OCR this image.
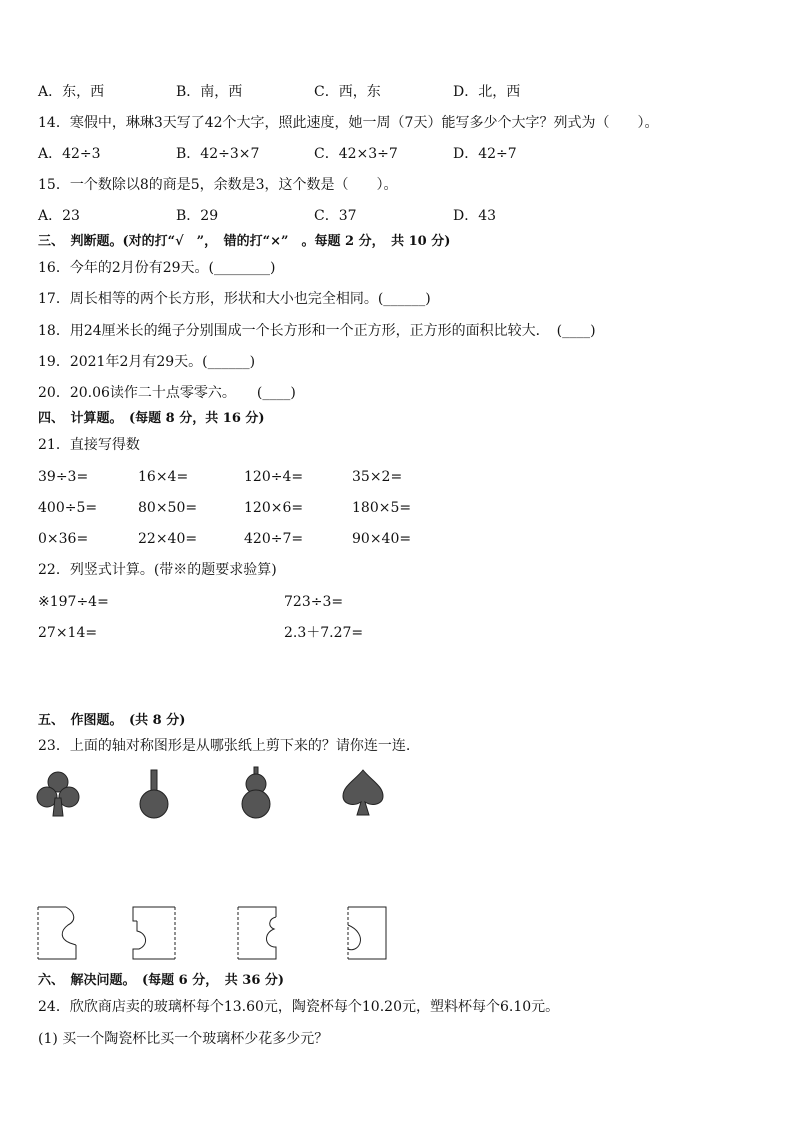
A．东，西	B．南，西	C．西，东	D．北，西
14．寒假中，琳琳3天写了42个大字，照此速度，她一周（7天）能写多少个大字？列式为（　　）。
A．42÷3	B．42÷3×7	C．42×3÷7	D．42÷7
15．一个数除以8的商是5，余数是3，这个数是（　　）。
A．23	B．29	C．37	D．43
三、　判断题。(对的打“√　”，　错的打“×”　。每题 2 分，　共 10 分)
16．今年的2月份有29天。(________)
17．周长相等的两个长方形，形状和大小也完全相同。(______)
18．用24厘米长的绳子分别围成一个长方形和一个正方形，正方形的面积比较大．　(____)
19．2021年2月有29天。(______)
20．20.06读作二十点零零六。　　(____)
四、　计算题。　(每题 8 分，共 16 分)
21．直接写得数
39÷3=	16×4=	120÷4=	35×2=
400÷5=	80×50=	120×6=	180×5=
0×36=	22×40=	420÷7=	90×40=
22．列竖式计算。(带※的题要求验算)
※197÷4=	723÷3=
27×14=	2.3＋7.27=
五、　作图题。　(共 8 分)
23．上面的轴对称图形是从哪张纸上剪下来的？请你连一连.
六、　解决问题。　(每题 6 分，　共 36 分)
24．欣欣商店卖的玻璃杯每个13.60元，陶瓷杯每个10.20元，塑料杯每个6.10元。
(1) 买一个陶瓷杯比买一个玻璃杯少花多少元？
